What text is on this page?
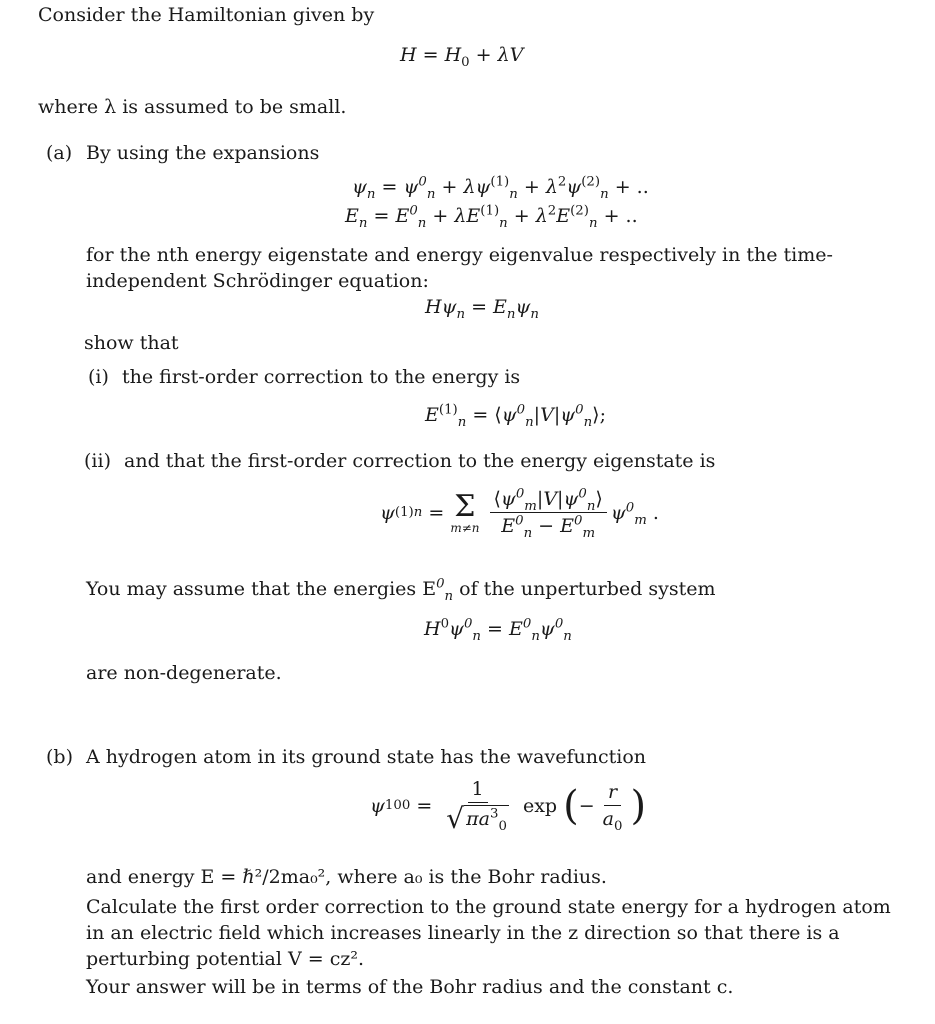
Consider the Hamiltonian given by
$H = H_0 + \lambda V$
where λ is assumed to be small.
(a) By using the expansions
$\psi_n = \psi^0_n + \lambda\psi^{(1)}_n + \lambda^2\psi^{(2)}_n$ + ..
$E_n = E^0_n + \lambda E^{(1)}_n + \lambda^2E^{(2)}_n$ + ..
for the nth energy eigenstate and energy eigenvalue respectively in the time-independent Schrödinger equation:
$H\psi_n = E_n\psi_n$
show that
(i) the first-order correction to the energy is
$E^{(1)}_n$ = $⟨\psi^0_n|V|\psi^0_n⟩$;
(ii) and that the first-order correction to the energy eigenstate is
ψ (1) n = Σ
$m\ne n \frac{⟨\psi^0_m|V|\psi^0_n⟩}{E^0_n - E^0_m} \psi^0_m$ .
You may assume that the energies $E^0_n$ of the unperturbed system
$H^0\psi^0_n = E^0_n\psi^0_n$
are non-degenerate.
(b) A hydrogen atom in its ground state has the wavefunction
ψ $100 = \frac{1}{√ \pi a^3_0}$ exp ( − $\frac{r}{a_0}$ )
and energy E = ℏ²/2ma₀², where a₀ is the Bohr radius.
Calculate the first order correction to the ground state energy for a hydrogen atom in an electric field which increases linearly in the z direction so that there is a perturbing potential V = cz².
Your answer will be in terms of the Bohr radius and the constant c.
